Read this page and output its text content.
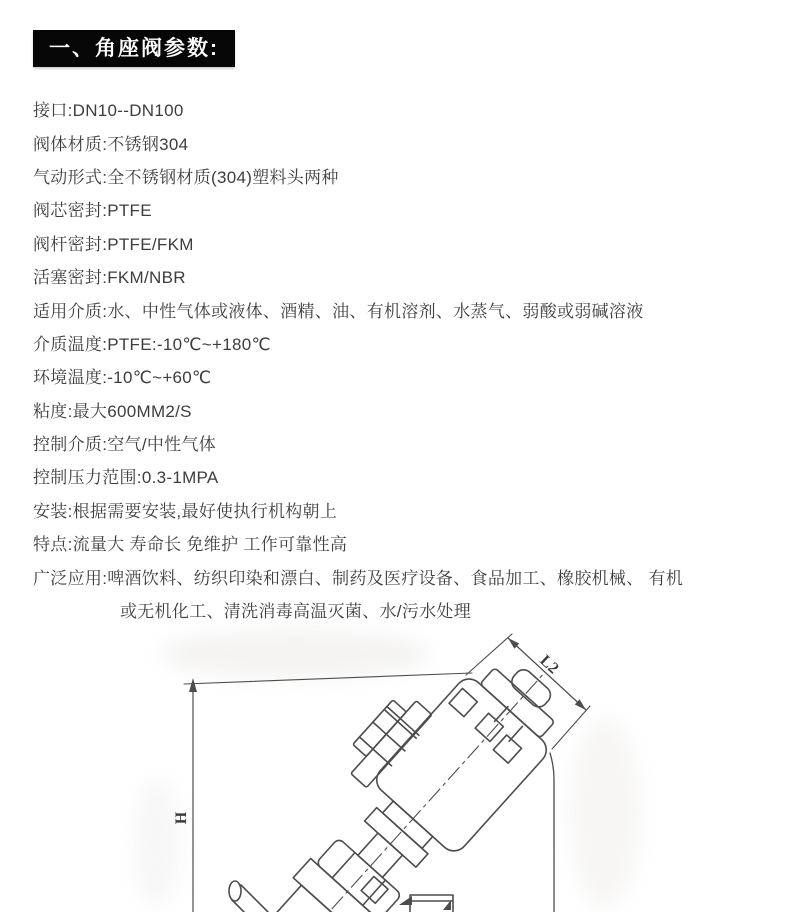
一、角座阀参数:
接口:DN10--DN100
阀体材质:不锈钢304
气动形式:全不锈钢材质(304)塑料头两种
阀芯密封:PTFE
阀杆密封:PTFE/FKM
活塞密封:FKM/NBR
适用介质:水、中性气体或液体、酒精、油、有机溶剂、水蒸气、弱酸或弱碱溶液
介质温度:PTFE:-10℃~+180℃
环境温度:-10℃~+60℃
粘度:最大600MM2/S
控制介质:空气/中性气体
控制压力范围:0.3-1MPA
安装:根据需要安装,最好使执行机构朝上
特点:流量大 寿命长 免维护 工作可靠性高
广泛应用:啤酒饮料、纺织印染和漂白、制药及医疗设备、食品加工、橡胶机械、 有机
或无机化工、清洗消毒高温灭菌、水/污水处理
H
L2
